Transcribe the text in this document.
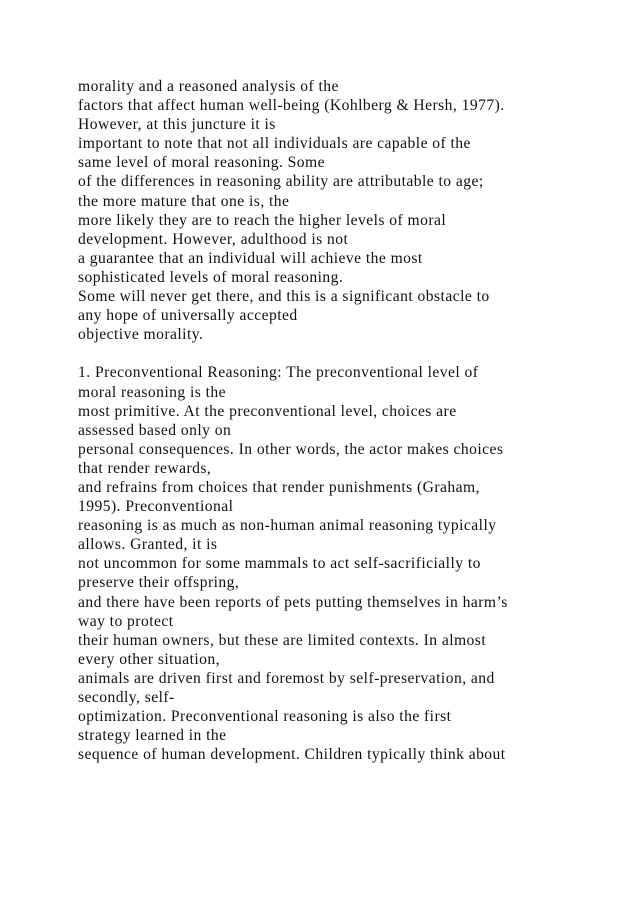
morality and a reasoned analysis of the
factors that affect human well-being (Kohlberg & Hersh, 1977).
However, at this juncture it is
important to note that not all individuals are capable of the
same level of moral reasoning. Some
of the differences in reasoning ability are attributable to age;
the more mature that one is, the
more likely they are to reach the higher levels of moral
development. However, adulthood is not
a guarantee that an individual will achieve the most
sophisticated levels of moral reasoning.
Some will never get there, and this is a significant obstacle to
any hope of universally accepted
objective morality.
1. Preconventional Reasoning: The preconventional level of
moral reasoning is the
most primitive. At the preconventional level, choices are
assessed based only on
personal consequences. In other words, the actor makes choices
that render rewards,
and refrains from choices that render punishments (Graham,
1995). Preconventional
reasoning is as much as non-human animal reasoning typically
allows. Granted, it is
not uncommon for some mammals to act self-sacrificially to
preserve their offspring,
and there have been reports of pets putting themselves in harm’s
way to protect
their human owners, but these are limited contexts. In almost
every other situation,
animals are driven first and foremost by self-preservation, and
secondly, self-
optimization. Preconventional reasoning is also the first
strategy learned in the
sequence of human development. Children typically think about
